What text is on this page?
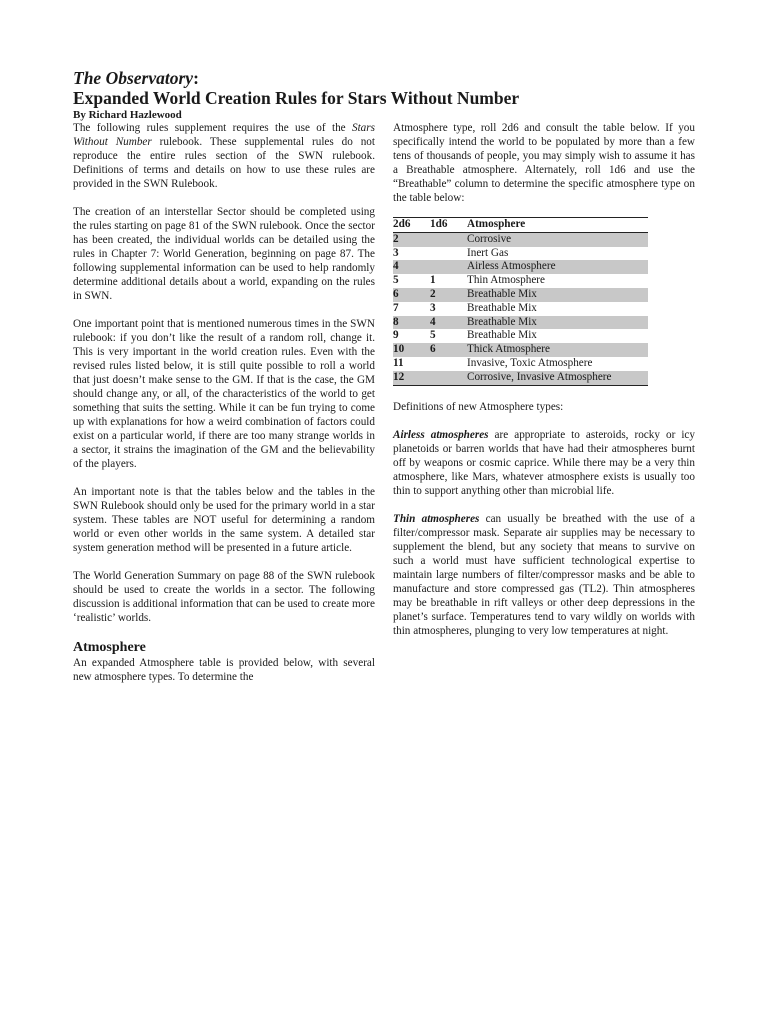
The Observatory:
Expanded World Creation Rules for Stars Without Number
By Richard Hazlewood

The following rules supplement requires the use of the Stars Without Number rulebook. These supplemental rules do not reproduce the entire rules section of the SWN rulebook. Definitions of terms and details on how to use these rules are provided in the SWN Rulebook.

The creation of an interstellar Sector should be completed using the rules starting on page 81 of the SWN rulebook. Once the sector has been created, the individual worlds can be detailed using the rules in Chapter 7: World Generation, beginning on page 87. The following supplemental information can be used to help randomly determine additional details about a world, expanding on the rules in SWN.

One important point that is mentioned numerous times in the SWN rulebook: if you don’t like the result of a random roll, change it. This is very important in the world creation rules. Even with the revised rules listed below, it is still quite possible to roll a world that just doesn’t make sense to the GM. If that is the case, the GM should change any, or all, of the characteristics of the world to get something that suits the setting. While it can be fun trying to come up with explanations for how a weird combination of factors could exist on a particular world, if there are too many strange worlds in a sector, it strains the imagination of the GM and the believability of the players.

An important note is that the tables below and the tables in the SWN Rulebook should only be used for the primary world in a star system. These tables are NOT useful for determining a random world or even other worlds in the same system. A detailed star system generation method will be presented in a future article.

The World Generation Summary on page 88 of the SWN rulebook should be used to create the worlds in a sector. The following discussion is additional information that can be used to create more ‘realistic’ worlds.

Atmosphere

An expanded Atmosphere table is provided below, with several new atmosphere types. To determine the

Atmosphere type, roll 2d6 and consult the table below. If you specifically intend the world to be populated by more than a few tens of thousands of people, you may simply wish to assume it has a Breathable atmosphere. Alternately, roll 1d6 and use the “Breathable” column to determine the specific atmosphere type on the table below:

2d6	1d6	Atmosphere
2		Corrosive
3		Inert Gas
4		Airless Atmosphere
5	1	Thin Atmosphere
6	2	Breathable Mix
7	3	Breathable Mix
8	4	Breathable Mix
9	5	Breathable Mix
10	6	Thick Atmosphere
11		Invasive, Toxic Atmosphere
12		Corrosive, Invasive Atmosphere

Definitions of new Atmosphere types:

Airless atmospheres are appropriate to asteroids, rocky or icy planetoids or barren worlds that have had their atmospheres burnt off by weapons or cosmic caprice. While there may be a very thin atmosphere, like Mars, whatever atmosphere exists is usually too thin to support anything other than microbial life.

Thin atmospheres can usually be breathed with the use of a filter/compressor mask. Separate air supplies may be necessary to supplement the blend, but any society that means to survive on such a world must have sufficient technological expertise to maintain large numbers of filter/compressor masks and be able to manufacture and store compressed gas (TL2). Thin atmospheres may be breathable in rift valleys or other deep depressions in the planet’s surface. Temperatures tend to vary wildly on worlds with thin atmospheres, plunging to very low temperatures at night.
